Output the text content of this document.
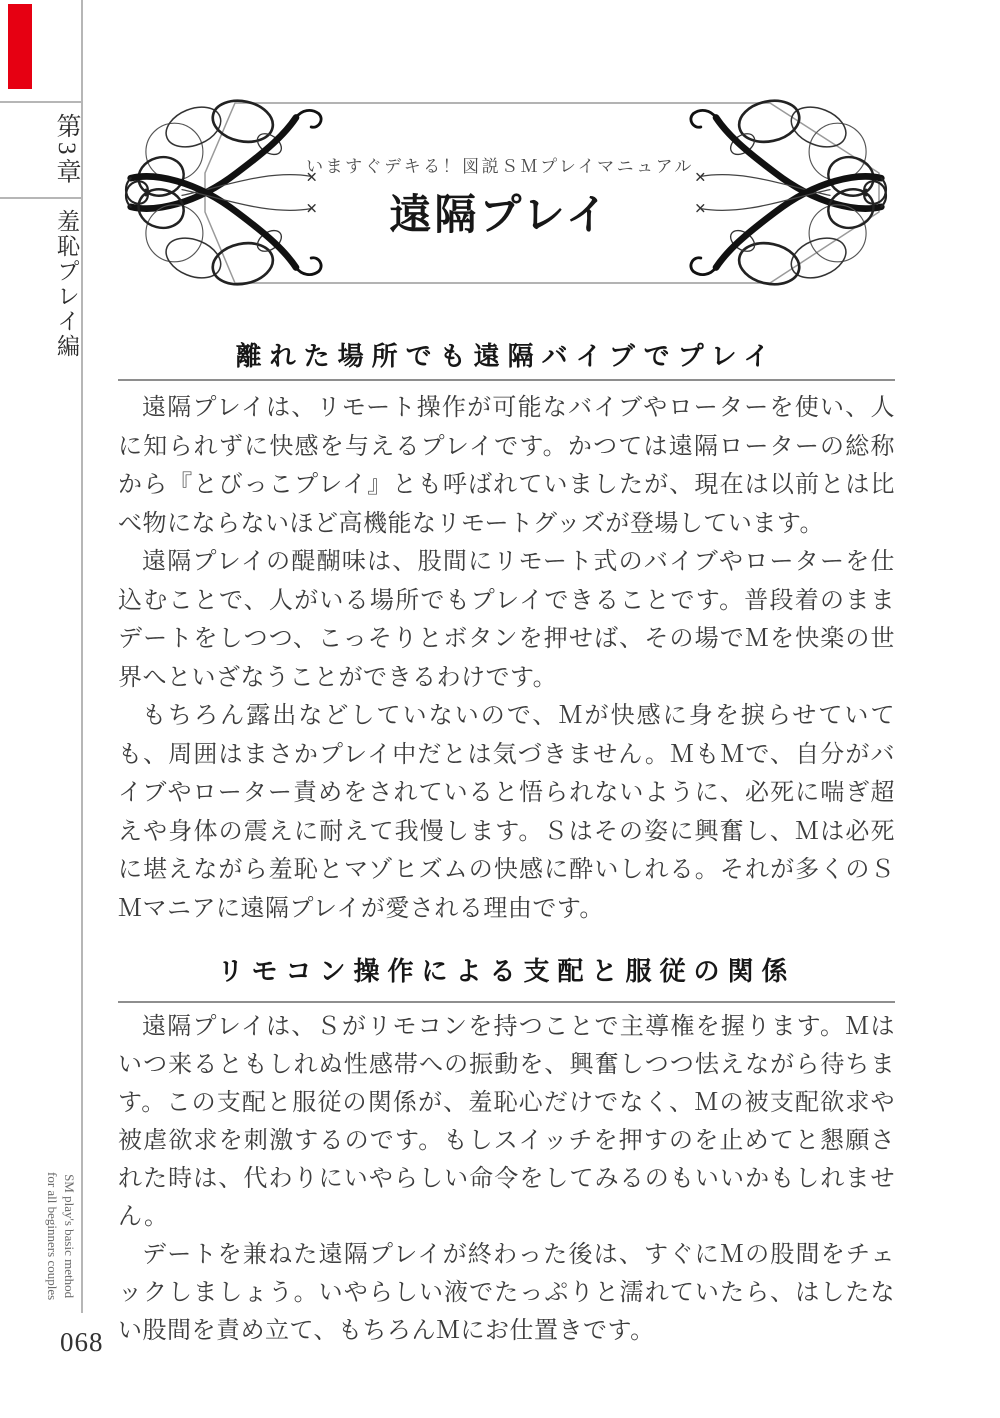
第3章
羞恥プレイ編
SM play's basic method
for all beginners couples
068
いますぐデキる！図説ＳＭプレイマニュアル
遠隔プレイ
離れた場所でも遠隔バイブでプレイ

遠隔プレイは、リモート操作が可能なバイブやローターを使い、人に知られずに快感を与えるプレイです。かつては遠隔ローターの総称から『とびっこプレイ』とも呼ばれていましたが、現在は以前とは比べ物にならないほど高機能なリモートグッズが登場しています。

遠隔プレイの醍醐味は、股間にリモート式のバイブやローターを仕込むことで、人がいる場所でもプレイできることです。普段着のままデートをしつつ、こっそりとボタンを押せば、その場でＭを快楽の世界へといざなうことができるわけです。

もちろん露出などしていないので、Ｍが快感に身を捩らせていても、周囲はまさかプレイ中だとは気づきません。ＭもＭで、自分がバイブやローター責めをされていると悟られないように、必死に喘ぎ超えや身体の震えに耐えて我慢します。Ｓはその姿に興奮し、Ｍは必死に堪えながら羞恥とマゾヒズムの快感に酔いしれる。それが多くのＳＭマニアに遠隔プレイが愛される理由です。

リモコン操作による支配と服従の関係

遠隔プレイは、Ｓがリモコンを持つことで主導権を握ります。Ｍはいつ来るともしれぬ性感帯への振動を、興奮しつつ怯えながら待ちます。この支配と服従の関係が、羞恥心だけでなく、Ｍの被支配欲求や被虐欲求を刺激するのです。もしスイッチを押すのを止めてと懇願された時は、代わりにいやらしい命令をしてみるのもいいかもしれません。

デートを兼ねた遠隔プレイが終わった後は、すぐにＭの股間をチェックしましょう。いやらしい液でたっぷりと濡れていたら、はしたない股間を責め立て、もちろんＭにお仕置きです。
